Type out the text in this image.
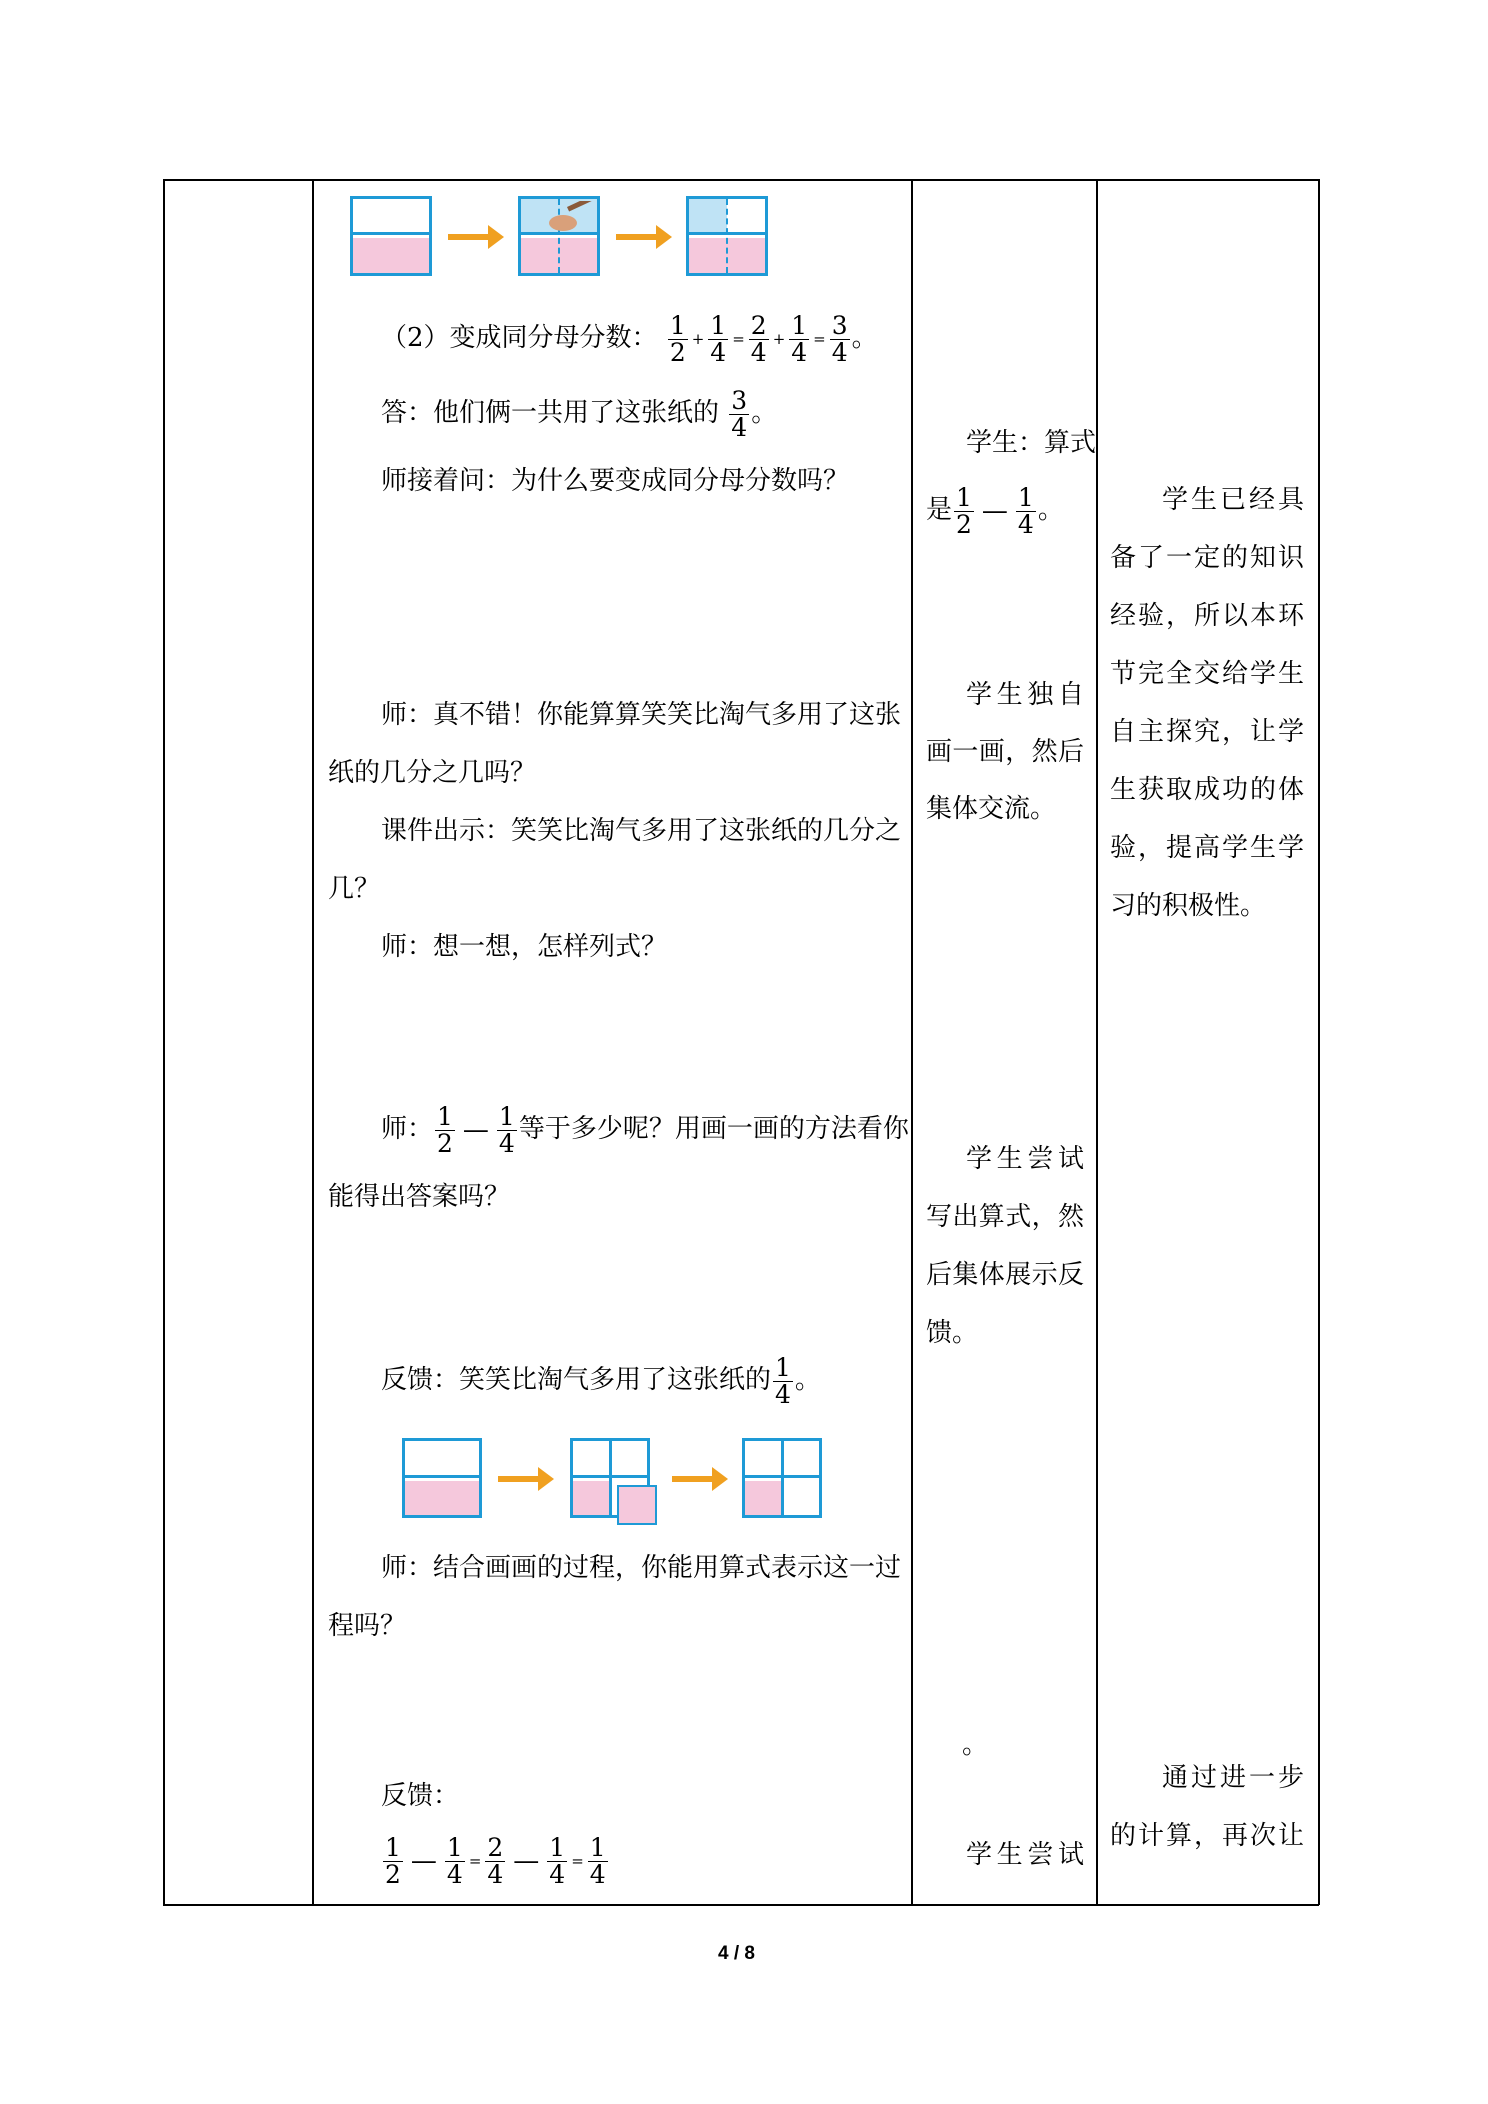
（2）变成同分母分数： $\frac{1}{2} + \frac{1}{4} = \frac{2}{4} + \frac{1}{4} = \frac{3}{4}$ 。
答：他们俩一共用了这张纸的 $\frac{3}{4}$ 。
师接着问：为什么要变成同分母分数吗？
师：真不错！你能算算笑笑比淘气多用了这张
纸的几分之几吗？
课件出示：笑笑比淘气多用了这张纸的几分之
几？
师：想一想，怎样列式？
师： $\frac{1}{2}$ — $\frac{1}{4}$ 等于多少呢？用画一画的方法看你
能得出答案吗？
反馈：笑笑比淘气多用了这张纸的 $\frac{1}{4}$ 。
师：结合画画的过程，你能用算式表示这一过
程吗？
反馈：
$\frac{1}{2}$ — $\frac{1}{4} = \frac{2}{4}$ — $\frac{1}{4} = \frac{1}{4}$
学生：算式
是 $\frac{1}{2}$ — $\frac{1}{4}$ 。
学生独自
画一画，然后
集体交流。
学生尝试
写出算式，然
后集体展示反
馈。
。
学生尝试
学生已经具
备了一定的知识
经验，所以本环
节完全交给学生
自主探究，让学
生获取成功的体
验，提高学生学
习的积极性。
通过进一步
的计算，再次让
4 / 8
